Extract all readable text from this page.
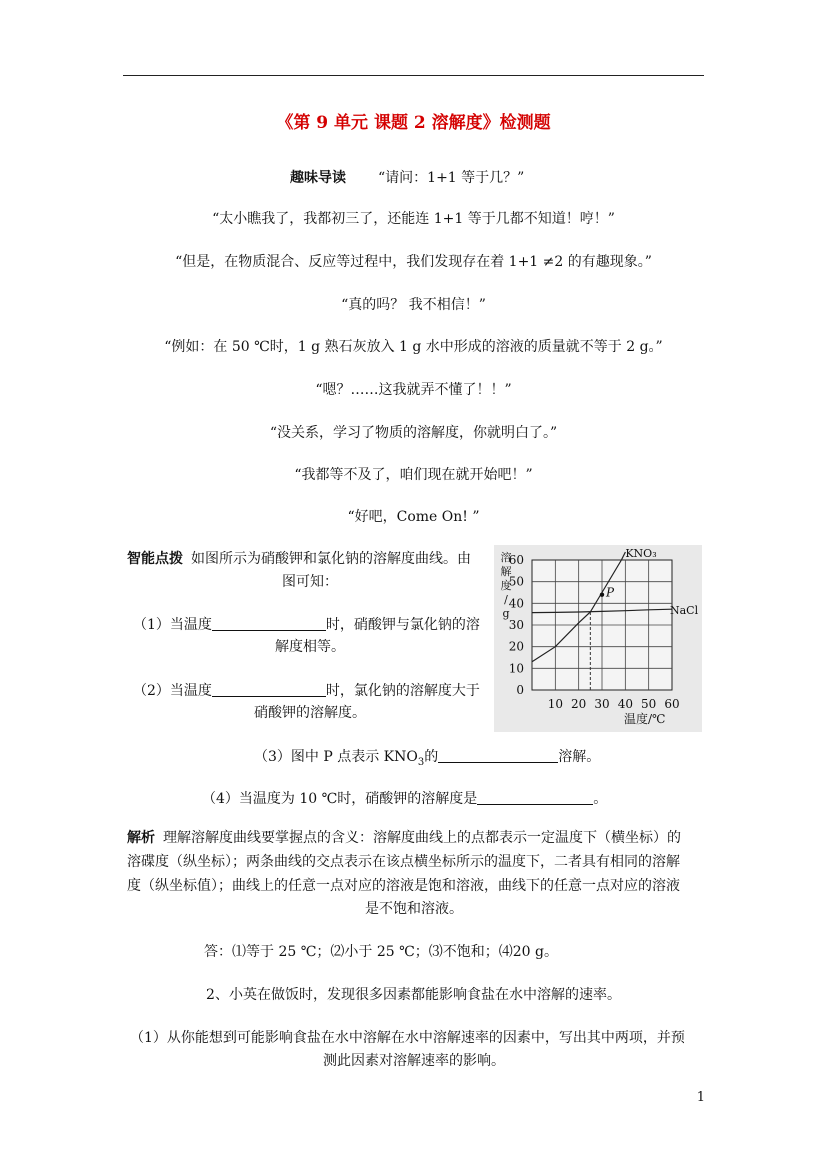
《第 9 单元 课题 2 溶解度》检测题
趣味导读 “请问：1+1 等于几？”
“太小瞧我了，我都初三了，还能连 1+1 等于几都不知道！哼！”
“但是，在物质混合、反应等过程中，我们发现存在着 1+1 ≠2 的有趣现象。”
“真的吗？ 我不相信！”
“例如：在 50 ℃时，1 g 熟石灰放入 1 g 水中形成的溶液的质量就不等于 2 g。”
“嗯？……这我就弄不懂了！！”
“没关系，学习了物质的溶解度，你就明白了。”
“我都等不及了，咱们现在就开始吧！”
“好吧，Come On! ”
智能点拨 如图所示为硝酸钾和氯化钠的溶解度曲线。由
图可知：
（1）当温度	时，硝酸钾与氯化钠的溶
解度相等。
（2）当温度	时，氯化钠的溶解度大于
硝酸钾的溶解度。
（3）图中 P 点表示 $KNO_3$的	溶解。
（4）当温度为 10 ℃时，硝酸钾的溶解度是	。
0
10
20
30
40
50
60
10 20 30 40 50 60
溶
解
度
/
g
温度/℃
P
KNO₃
NaCl
解析 理解溶解度曲线要掌握点的含义：溶解度曲线上的点都表示一定温度下（横坐标）的
溶碟度（纵坐标）；两条曲线的交点表示在该点横坐标所示的温度下，二者具有相同的溶解
度（纵坐标值）；曲线上的任意一点对应的溶液是饱和溶液，曲线下的任意一点对应的溶液
是不饱和溶液。
答：⑴等于 25 ℃；⑵小于 25 ℃；⑶不饱和；⑷20 g。
2、小英在做饭时，发现很多因素都能影响食盐在水中溶解的速率。
（1）从你能想到可能影响食盐在水中溶解在水中溶解速率的因素中，写出其中两项，并预
测此因素对溶解速率的影响。
1
